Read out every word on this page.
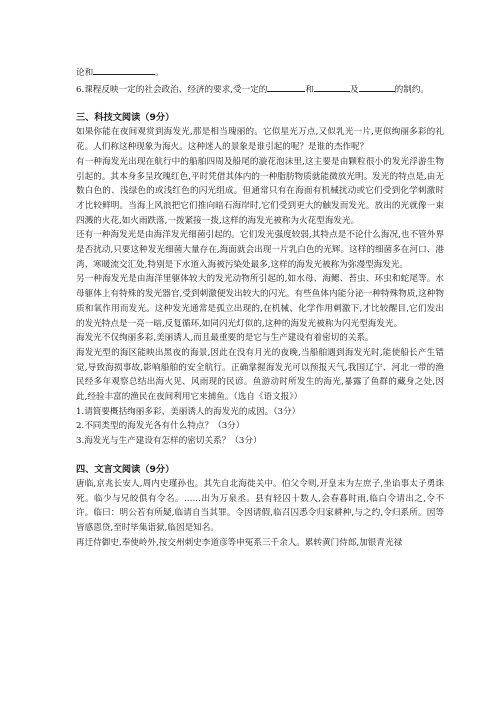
论和	。

6.课程反映一定的社会政治、经济的要求,受一定的	和	及	的制约。

三、科技文阅读（9分）

如果你能在夜间观赏到海发光,那是相当瑰丽的。它似星光万点,又似乳光一片,更似绚丽多彩的礼花。人们称这种现象为海火。这种迷人的景象是谁引起的呢？是谁的杰作呢？

有一种海发光出现在航行中的船舶四周及船尾的漩花泡沫里,这主要是由颗粒很小的发光浮游生物引起的。其本身多呈玫瑰红色,平时凭借其体内的一种脂肪物质就能微放光明。发光的特点是,由无数白色的、浅绿色的或浅红色的闪光组成。但通常只有在海面有机械扰动或它们受到化学刺激时才比较鲜明。当海上风浪把它们推向暗石海岸时,它们受到更大的触发而发光。放出的光就像一束四溅的火花,如火雨跌落,一拨紧接一拨,这样的海发光被称为火花型海发光。

还有一种海发光是由海洋发光细菌引起的。它们发光强度较弱,其特点是不论什么海况,也不管外界是否扰动,只要这种发光细菌大量存在,海面就会出现一片乳白色的光辉。这样的细菌多在河口、港湾、寒暖流交汇处,特别是下水道入海被污染处最多,这样的海发光被称为弥漫型海发光。

另一种海发光是由海洋里躯体较大的发光动物所引起的,如水母、海鳃、苔虫、环虫和蛇尾等。水母躯体上有特殊的发光器官,受到刺激便发出较大的闪光。有些鱼体内能分泌一种特殊物质,这种物质和氧作用而发光。这种发光通常是孤立出现的,在机械、化学作用刺激下,才比较醒目,它们发出的发光特点是一亮一暗,反复循环,如同闪光灯似的,这种的海发光被称为闪光型海发光。

海发光不仅绚丽多彩,美丽诱人,而且最重要的是它与生产建设有着密切的关系。

海发光型的海区能映出黑夜的海景,因此在没有月光的夜晚,当船舶遇到海发光时,能使船长产生错觉,导致海损事故,影响船舶的安全航行。正确掌握海发光可以预报天气,我国辽宁、河北一带的渔民经多年观察总结出海火见、风雨现的民谚。鱼游动时所发生的海光,暴露了鱼群的藏身之处,因此,经验丰富的渔民在夜间利用它来捕鱼。（选自《语文报》）

1.请简要概括绚丽多彩、美丽诱人的海发光的成因。（3分）

2.不同类型的海发光各有什么特点？（3分）

3.海发光与生产建设有怎样的密切关系？（3分）

四、文言文阅读（9分）

唐临,京兆长安人,周内史瑾孙也。其先自北海徙关中。伯父令则,开皇末为左庶子,坐谄事太子勇诛死。临少与兄皎俱有令名。……出为万泉丞。县有轻囚十数人,会春暮时雨,临白令请出之,令不许。临曰：明公若有所疑,临请自当其罪。令因请假,临召囚悉令归家耕种,与之约,令归系所。因等皆感恩贷,至时毕集诣狱,临因是知名。

再迁侍御史,奉使岭外,按交州刺史李道彦等申冤系三千余人。累转黄门侍郎,加银青光禄
